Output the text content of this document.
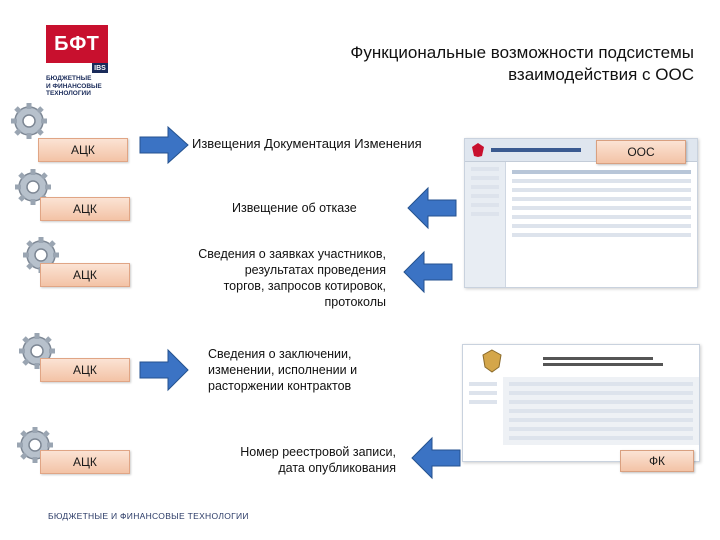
БФТ
IBS
БЮДЖЕТНЫЕ
И ФИНАНСОВЫЕ
ТЕХНОЛОГИИ
Функциональные возможности подсистемы
взаимодействия с ООС
АЦК	Извещения Документация Изменения
АЦК	Извещение об отказе
АЦК
Сведения о заявках участников,
результатах проведения
торгов, запросов котировок,
протоколы
АЦК
Сведения о заключении,
изменении, исполнении и
расторжении контрактов
АЦК
Номер реестровой записи,
дата опубликования
ООС
ФК
БЮДЖЕТНЫЕ И ФИНАНСОВЫЕ ТЕХНОЛОГИИ
